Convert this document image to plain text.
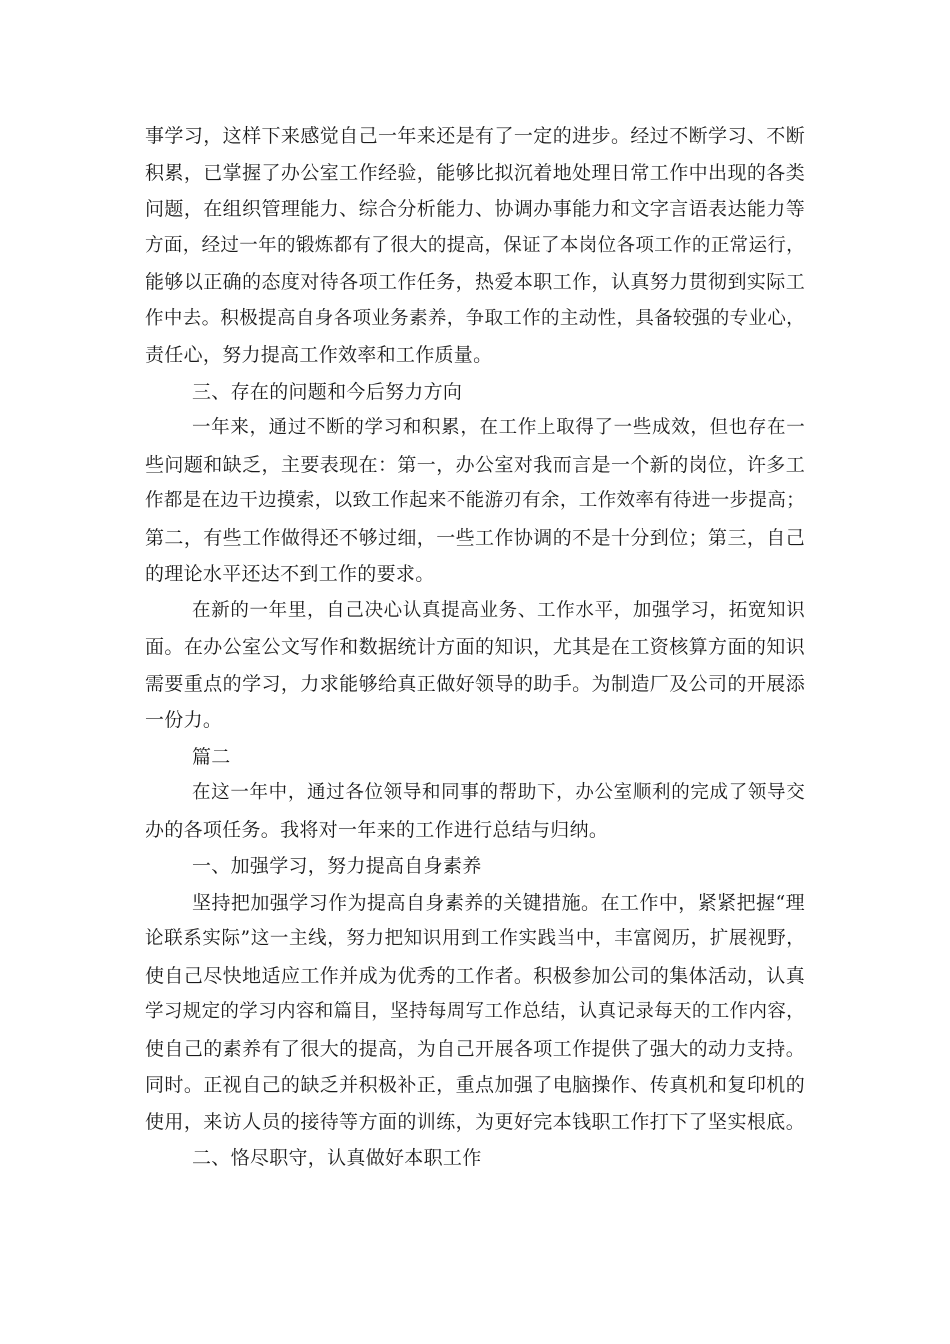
事学习，这样下来感觉自己一年来还是有了一定的进步。经过不断学习、不断
积累，已掌握了办公室工作经验，能够比拟沉着地处理日常工作中出现的各类
问题，在组织管理能力、综合分析能力、协调办事能力和文字言语表达能力等
方面，经过一年的锻炼都有了很大的提高，保证了本岗位各项工作的正常运行，
能够以正确的态度对待各项工作任务，热爱本职工作，认真努力贯彻到实际工
作中去。积极提高自身各项业务素养，争取工作的主动性，具备较强的专业心，
责任心，努力提高工作效率和工作质量。
三、存在的问题和今后努力方向
一年来，通过不断的学习和积累，在工作上取得了一些成效，但也存在一
些问题和缺乏，主要表现在：第一，办公室对我而言是一个新的岗位，许多工
作都是在边干边摸索，以致工作起来不能游刃有余，工作效率有待进一步提高；
第二，有些工作做得还不够过细，一些工作协调的不是十分到位；第三，自己
的理论水平还达不到工作的要求。
在新的一年里，自己决心认真提高业务、工作水平，加强学习，拓宽知识
面。在办公室公文写作和数据统计方面的知识，尤其是在工资核算方面的知识
需要重点的学习，力求能够给真正做好领导的助手。为制造厂及公司的开展添
一份力。
篇二
在这一年中，通过各位领导和同事的帮助下，办公室顺利的完成了领导交
办的各项任务。我将对一年来的工作进行总结与归纳。
一、加强学习，努力提高自身素养
坚持把加强学习作为提高自身素养的关键措施。在工作中，紧紧把握“理
论联系实际”这一主线，努力把知识用到工作实践当中，丰富阅历，扩展视野，
使自己尽快地适应工作并成为优秀的工作者。积极参加公司的集体活动，认真
学习规定的学习内容和篇目，坚持每周写工作总结，认真记录每天的工作内容，
使自己的素养有了很大的提高，为自己开展各项工作提供了强大的动力支持。
同时。正视自己的缺乏并积极补正，重点加强了电脑操作、传真机和复印机的
使用，来访人员的接待等方面的训练，为更好完本钱职工作打下了坚实根底。
二、恪尽职守，认真做好本职工作
